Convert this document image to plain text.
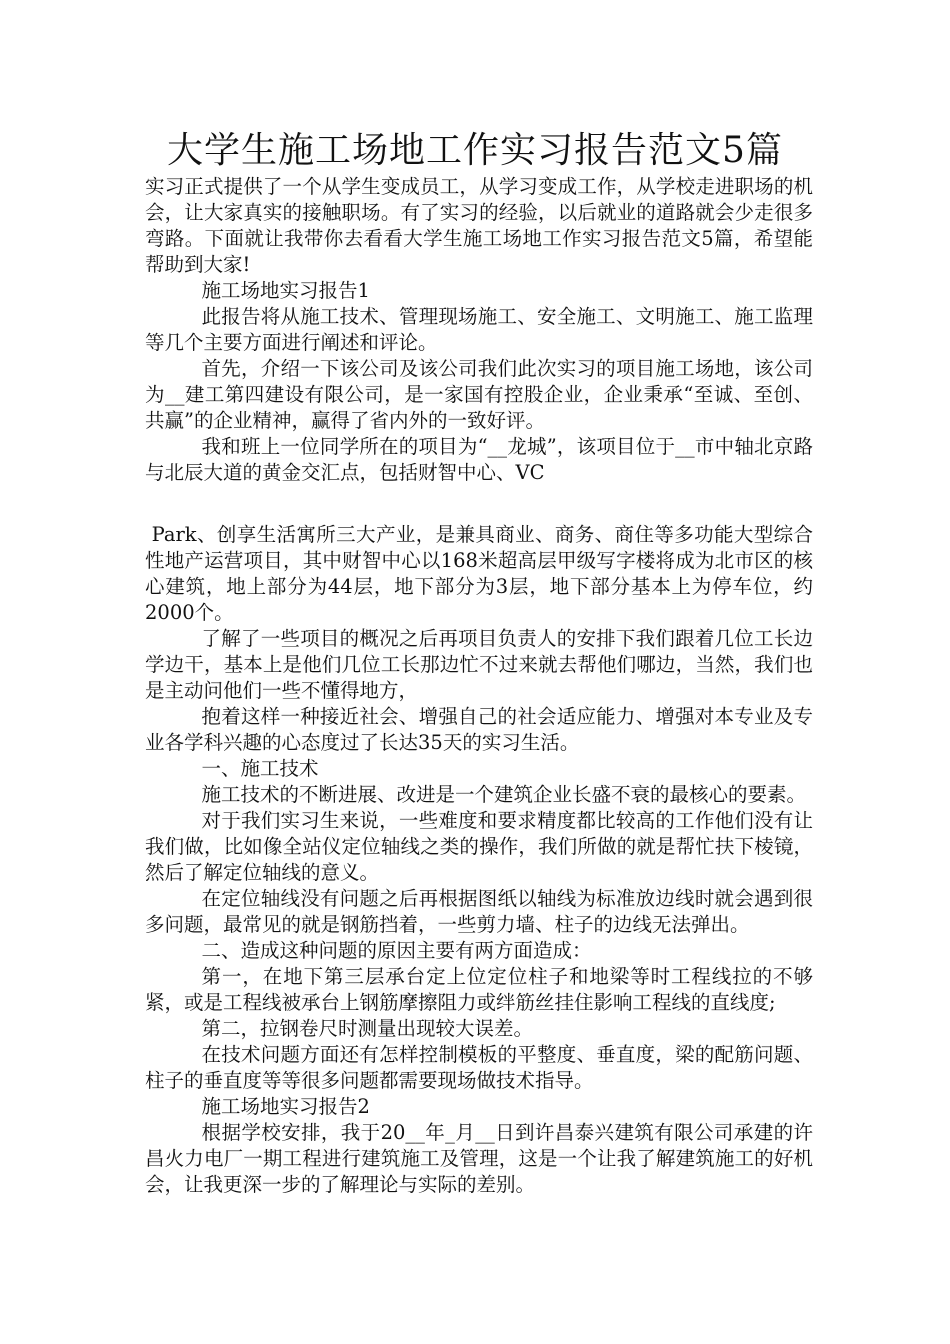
大学生施工场地工作实习报告范文5篇

实习正式提供了一个从学生变成员工，从学习变成工作，从学校走进职场的机会，让大家真实的接触职场。有了实习的经验，以后就业的道路就会少走很多弯路。下面就让我带你去看看大学生施工场地工作实习报告范文5篇，希望能帮助到大家!

施工场地实习报告1

此报告将从施工技术、管理现场施工、安全施工、文明施工、施工监理等几个主要方面进行阐述和评论。

首先，介绍一下该公司及该公司我们此次实习的项目施工场地，该公司为__建工第四建设有限公司，是一家国有控股企业，企业秉承“至诚、至创、共赢”的企业精神，赢得了省内外的一致好评。

我和班上一位同学所在的项目为“__龙城”，该项目位于__市中轴北京路与北辰大道的黄金交汇点，包括财智中心、VC

Park、创享生活寓所三大产业，是兼具商业、商务、商住等多功能大型综合性地产运营项目，其中财智中心以168米超高层甲级写字楼将成为北市区的核心建筑，地上部分为44层，地下部分为3层，地下部分基本上为停车位，约2000个。

了解了一些项目的概况之后再项目负责人的安排下我们跟着几位工长边学边干，基本上是他们几位工长那边忙不过来就去帮他们哪边，当然，我们也是主动问他们一些不懂得地方，

抱着这样一种接近社会、增强自己的社会适应能力、增强对本专业及专业各学科兴趣的心态度过了长达35天的实习生活。

一、施工技术

施工技术的不断进展、改进是一个建筑企业长盛不衰的最核心的要素。

对于我们实习生来说，一些难度和要求精度都比较高的工作他们没有让我们做，比如像全站仪定位轴线之类的操作，我们所做的就是帮忙扶下棱镜，然后了解定位轴线的意义。

在定位轴线没有问题之后再根据图纸以轴线为标准放边线时就会遇到很多问题，最常见的就是钢筋挡着，一些剪力墙、柱子的边线无法弹出。

二、造成这种问题的原因主要有两方面造成：

第一，在地下第三层承台定上位定位柱子和地梁等时工程线拉的不够紧，或是工程线被承台上钢筋摩擦阻力或绊筋丝挂住影响工程线的直线度;

第二，拉钢卷尺时测量出现较大误差。

在技术问题方面还有怎样控制模板的平整度、垂直度，梁的配筋问题、柱子的垂直度等等很多问题都需要现场做技术指导。

施工场地实习报告2

根据学校安排，我于20__年_月__日到许昌泰兴建筑有限公司承建的许昌火力电厂一期工程进行建筑施工及管理，这是一个让我了解建筑施工的好机会，让我更深一步的了解理论与实际的差别。
